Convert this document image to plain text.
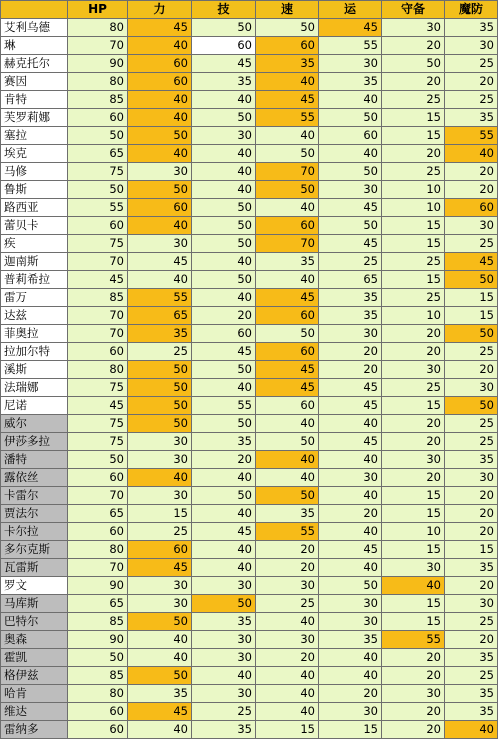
	HP	力	技	速	运	守备	魔防
艾利乌德	80	45	50	50	45	30	35
琳	70	40	60	60	55	20	30
赫克托尔	90	60	45	35	30	50	25
赛因	80	60	35	40	35	20	20
肯特	85	40	40	45	40	25	25
芙罗莉娜	60	40	50	55	50	15	35
塞拉	50	50	30	40	60	15	55
埃克	65	40	40	50	40	20	40
马修	75	30	40	70	50	25	20
鲁斯	50	50	40	50	30	10	20
路西亚	55	60	50	40	45	10	60
蕾贝卡	60	40	50	60	50	15	30
疾	75	30	50	70	45	15	25
迦南斯	70	45	40	35	25	25	45
普莉希拉	45	40	50	40	65	15	50
雷万	85	55	40	45	35	25	15
达兹	70	65	20	60	35	10	15
菲奥拉	70	35	60	50	30	20	50
拉加尔特	60	25	45	60	20	20	25
溪斯	80	50	50	45	20	30	20
法瑞娜	75	50	40	45	45	25	30
尼诺	45	50	55	60	45	15	50
威尔	75	50	50	40	40	20	25
伊莎多拉	75	30	35	50	45	20	25
潘特	50	30	20	40	40	30	35
露依丝	60	40	40	40	30	20	30
卡雷尔	70	30	50	50	40	15	20
贾法尔	65	15	40	35	20	15	20
卡尔拉	60	25	45	55	40	10	20
多尔克斯	80	60	40	20	45	15	15
瓦雷斯	70	45	40	20	40	30	35
罗文	90	30	30	30	50	40	20
马库斯	65	30	50	25	30	15	30
巴特尔	85	50	35	40	30	15	25
奥森	90	40	30	30	35	55	20
霍凯	50	40	30	20	40	20	35
格伊兹	85	50	40	40	40	20	25
哈肯	80	35	30	40	20	30	35
维达	60	45	25	40	30	20	35
雷纳多	60	40	35	15	15	20	40
